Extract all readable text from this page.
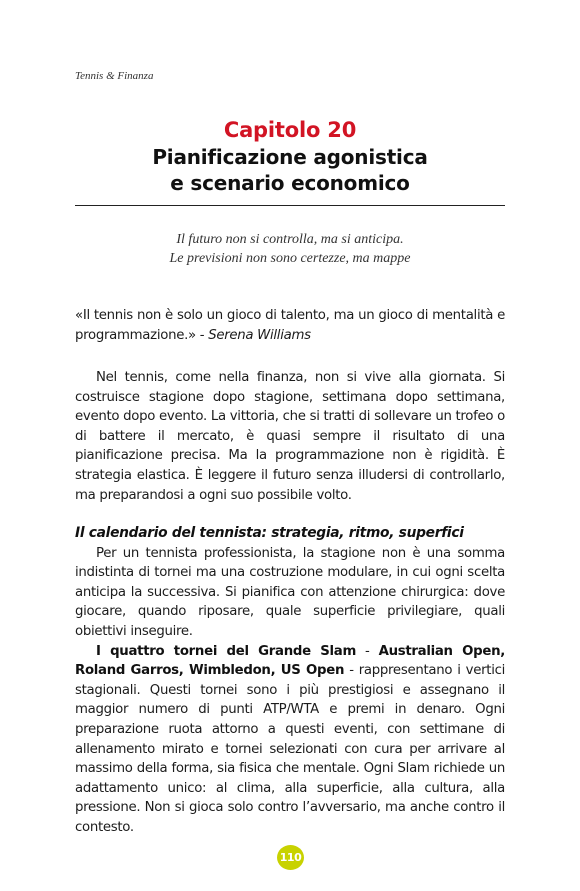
Tennis & Finanza
Capitolo 20
Pianificazione agonistica
e scenario economico
Il futuro non si controlla, ma si anticipa.
Le previsioni non sono certezze, ma mappe

«Il tennis non è solo un gioco di talento, ma un gioco di mentalità e programmazione.» - Serena Williams

Nel tennis, come nella finanza, non si vive alla giornata. Si costruisce stagione dopo stagione, settimana dopo settimana, evento dopo evento. La vittoria, che si tratti di sollevare un trofeo o di battere il mercato, è quasi sempre il risultato di una pianificazione precisa. Ma la programmazione non è rigidità. È strategia elastica. È leggere il futuro senza illudersi di controllarlo, ma preparandosi a ogni suo possibile volto.

Il calendario del tennista: strategia, ritmo, superfici

Per un tennista professionista, la stagione non è una somma indistinta di tornei ma una costruzione modulare, in cui ogni scelta anticipa la successiva. Si pianifica con attenzione chirurgica: dove giocare, quando riposare, quale superficie privilegiare, quali obiettivi inseguire.

I quattro tornei del Grande Slam - Australian Open, Roland Garros, Wimbledon, US Open - rappresentano i vertici stagionali. Questi tornei sono i più prestigiosi e assegnano il maggior numero di punti ATP/WTA e premi in denaro. Ogni preparazione ruota attorno a questi eventi, con settimane di allenamento mirato e tornei selezionati con cura per arrivare al massimo della forma, sia fisica che mentale. Ogni Slam richiede un adattamento unico: al clima, alla superficie, alla cultura, alla pressione. Non si gioca solo contro l’avversario, ma anche contro il contesto.

110
